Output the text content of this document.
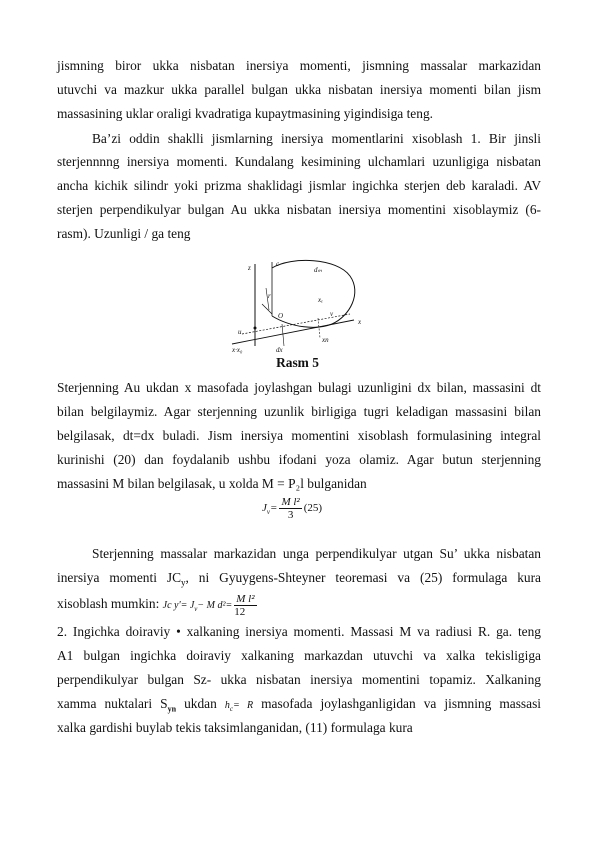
jismning biror ukka nisbatan inersiya momenti, jismning massalar markazidan
utuvchi va mazkur ukka parallel bulgan ukka nisbatan inersiya momenti bilan jism
massasining uklar oraligi kvadratiga kupaytmasining yigindisiga teng.
Ba’zi oddin shaklli jismlarning inersiya momentlarini xisoblash 1. Bir jinsli
sterjennnng inersiya momenti. Kundalang kesimining ulchamlari uzunligiga nisbatan
ancha kichik silindr yoki prizma shaklidagi jismlar ingichka sterjen deb karaladi. AV
sterjen perpendikulyar bulgan Au ukka nisbatan inersiya momentini xisoblaymiz (6-
rasm). Uzunligi / ga teng
z	c
dₘ
r	xₑ
O	v
u
x
x·x₀	dx
xn
Rasm 5
Sterjenning Au ukdan x masofada joylashgan bulagi uzunligini dx bilan, massasini dt
bilan belgilaymiz. Agar sterjenning uzunlik birligiga tugri keladigan massasini bilan
belgilasak, dt=dx buladi. Jism inersiya momentini xisoblash formulasining integral
kurinishi (20) dan foydalanib ushbu ifodani yoza olamiz. Agar butun sterjenning
massasini M bilan belgilasak, u xolda M = P₂l bulganidan
$J_v= \frac{\text{M l²}}{3} (25)$
Sterjenning massalar markazidan unga perpendikulyar utgan Su’ ukka nisbatan
inersiya momenti $JC_y$, ni Gyuygens-Shteyner teoremasi va (25) formulaga kura
xisoblash mumkin: Jc $y'= J_v- M$ $d^2= \frac{\text{M l²}}{12}$
2. Ingichka doiraviy • xalkaning inersiya momenti. Massasi M va radiusi R. ga. teng
A1 bulgan ingichka doiraviy xalkaning markazdan utuvchi va xalka tekisligiga
perpendikulyar bulgan Sz- ukka nisbatan inersiya momentini topamiz. Xalkaning
xamma nuktalari $S_{yn}$ ukdan $h_c= R$ masofada joylashganligidan va jismning massasi
xalka gardishi buylab tekis taksimlanganidan, (11) formulaga kura
